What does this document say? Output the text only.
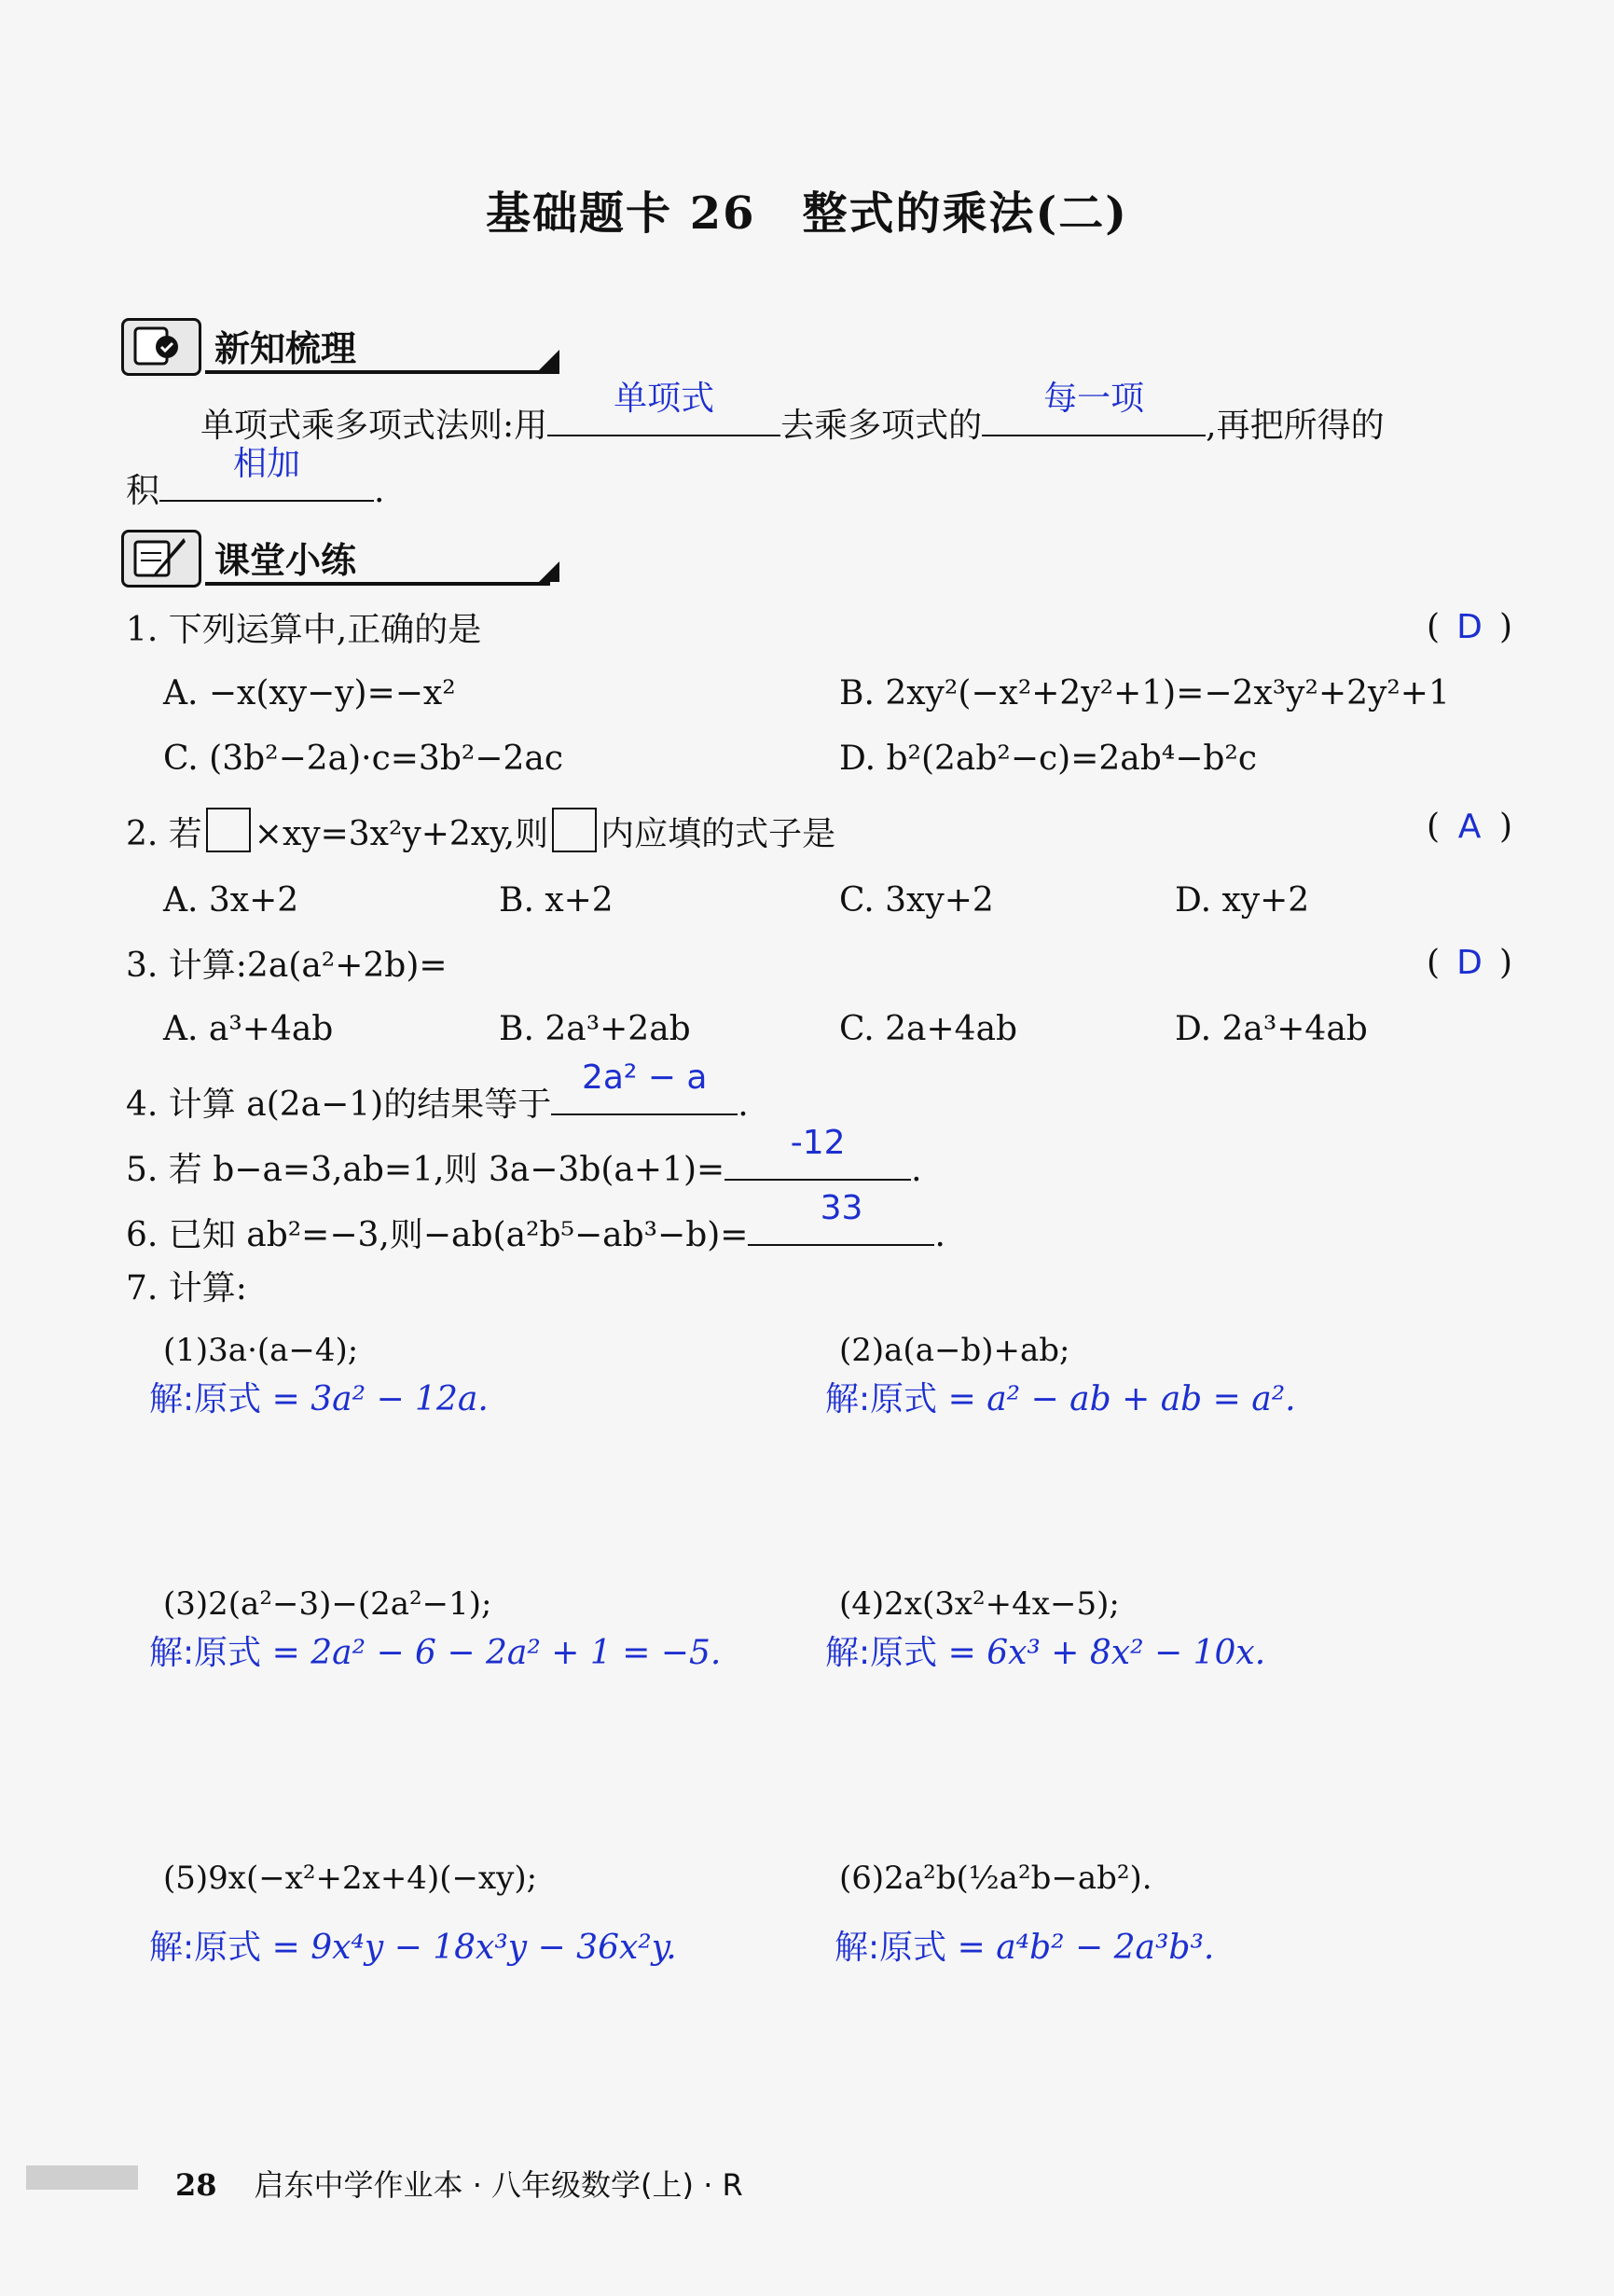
基础题卡 26　整式的乘法(二)
新知梳理
单项式乘多项式法则:用
单项式
去乘多项式的
每一项
,再把所得的
积
相加
.
课堂小练
1. 下列运算中,正确的是	( D )
A. −x(xy−y)=−x²	B. 2xy²(−x²+2y²+1)=−2x³y²+2y²+1
C. (3b²−2a)·c=3b²−2ac	D. b²(2ab²−c)=2ab⁴−b²c
2. 若 ×xy=3x²y+2xy,则 内应填的式子是	( A )
A. 3x+2	B. x+2	C. 3xy+2	D. xy+2
3. 计算:2a(a²+2b)=	( D )
A. a³+4ab	B. 2a³+2ab	C. 2a+4ab	D. 2a³+4ab
4. 计算 a(2a−1)的结果等于
2a² − a
.
5. 若 b−a=3,ab=1,则 3a−3b(a+1)=
-12
.
6. 已知 ab²=−3,则−ab(a²b⁵−ab³−b)=
33
.
7. 计算:
(1)3a·(a−4);
解:原式 = 3a² − 12a.
(2)a(a−b)+ab;
解:原式 = a² − ab + ab = a².
(3)2(a²−3)−(2a²−1);
解:原式 = 2a² − 6 − 2a² + 1 = −5.
(4)2x(3x²+4x−5);
解:原式 = 6x³ + 8x² − 10x.
(5)9x(−x²+2x+4)(−xy);
解:原式 = 9x⁴y − 18x³y − 36x²y.
(6)2a²b(½a²b−ab²).
解:原式 = a⁴b² − 2a³b³.
28 启东中学作业本 · 八年级数学(上) · R
